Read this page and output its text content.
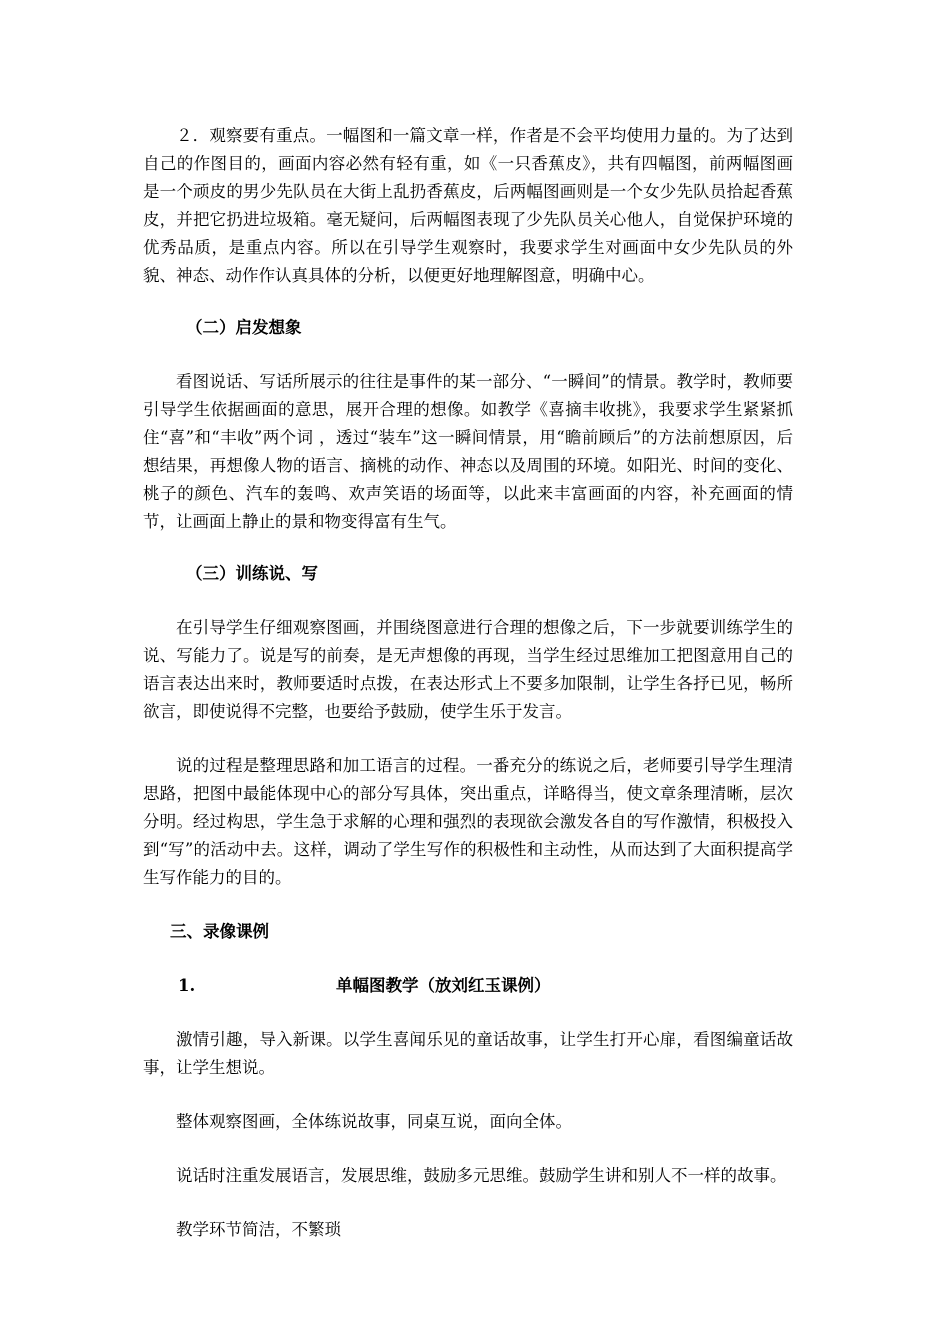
２．观察要有重点。一幅图和一篇文章一样，作者是不会平均使用力量的。为了达到自己的作图目的，画面内容必然有轻有重，如《一只香蕉皮》，共有四幅图，前两幅图画是一个顽皮的男少先队员在大街上乱扔香蕉皮，后两幅图画则是一个女少先队员拾起香蕉皮，并把它扔进垃圾箱。毫无疑问，后两幅图表现了少先队员关心他人，自觉保护环境的优秀品质，是重点内容。所以在引导学生观察时，我要求学生对画面中女少先队员的外貌、神态、动作作认真具体的分析，以便更好地理解图意，明确中心。

（二）启发想象

看图说话、写话所展示的往往是事件的某一部分、“一瞬间”的情景。教学时，教师要引导学生依据画面的意思，展开合理的想像。如教学《喜摘丰收挑》，我要求学生紧紧抓住“喜”和“丰收”两个词 ，透过“装车”这一瞬间情景，用“瞻前顾后”的方法前想原因，后想结果，再想像人物的语言、摘桃的动作、神态以及周围的环境。如阳光、时间的变化、桃子的颜色、汽车的轰鸣、欢声笑语的场面等，以此来丰富画面的内容，补充画面的情节，让画面上静止的景和物变得富有生气。

（三）训练说、写

在引导学生仔细观察图画，并围绕图意进行合理的想像之后，下一步就要训练学生的说、写能力了。说是写的前奏，是无声想像的再现，当学生经过思维加工把图意用自己的语言表达出来时，教师要适时点拨，在表达形式上不要多加限制，让学生各抒已见，畅所欲言，即使说得不完整，也要给予鼓励，使学生乐于发言。

说的过程是整理思路和加工语言的过程。一番充分的练说之后，老师要引导学生理清思路，把图中最能体现中心的部分写具体，突出重点，详略得当，使文章条理清晰，层次分明。经过构思，学生急于求解的心理和强烈的表现欲会激发各自的写作激情，积极投入到“写”的活动中去。这样，调动了学生写作的积极性和主动性，从而达到了大面积提高学生写作能力的目的。

三、录像课例

1.	单幅图教学（放刘红玉课例）

激情引趣，导入新课。以学生喜闻乐见的童话故事，让学生打开心扉，看图编童话故事，让学生想说。

整体观察图画，全体练说故事，同桌互说，面向全体。

说话时注重发展语言，发展思维，鼓励多元思维。鼓励学生讲和别人不一样的故事。

教学环节简洁，不繁琐
